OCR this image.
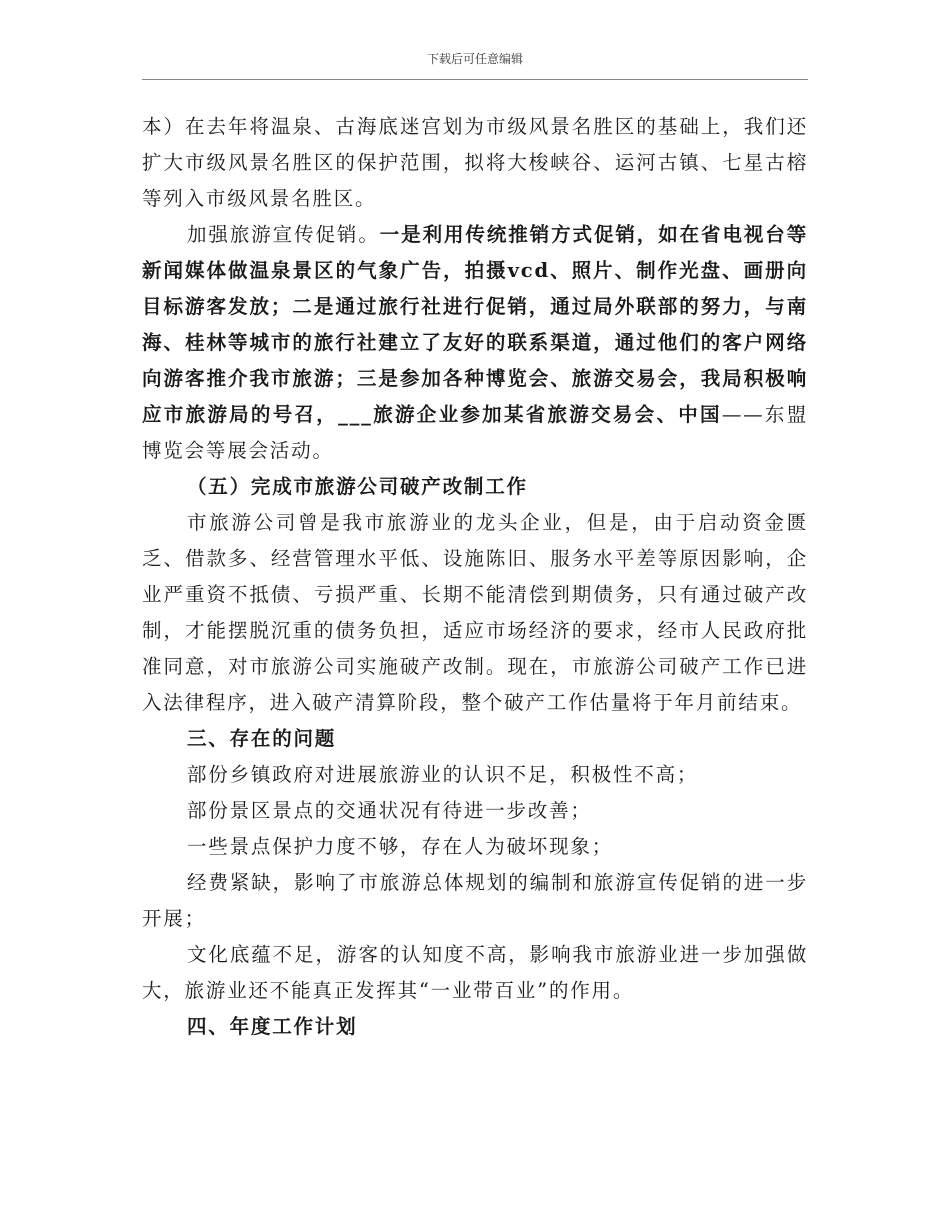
下载后可任意编辑

本）在去年将温泉、古海底迷宫划为市级风景名胜区的基础上，我们还扩大市级风景名胜区的保护范围，拟将大梭峡谷、运河古镇、七星古榕等列入市级风景名胜区。

加强旅游宣传促销。一是利用传统推销方式促销，如在省电视台等新闻媒体做温泉景区的气象广告，拍摄vcd、照片、制作光盘、画册向目标游客发放；二是通过旅行社进行促销，通过局外联部的努力，与南海、桂林等城市的旅行社建立了友好的联系渠道，通过他们的客户网络向游客推介我市旅游；三是参加各种博览会、旅游交易会，我局积极响应市旅游局的号召，___旅游企业参加某省旅游交易会、中国——东盟博览会等展会活动。

（五）完成市旅游公司破产改制工作

市旅游公司曾是我市旅游业的龙头企业，但是，由于启动资金匮乏、借款多、经营管理水平低、设施陈旧、服务水平差等原因影响，企业严重资不抵债、亏损严重、长期不能清偿到期债务，只有通过破产改制，才能摆脱沉重的债务负担，适应市场经济的要求，经市人民政府批准同意，对市旅游公司实施破产改制。现在，市旅游公司破产工作已进入法律程序，进入破产清算阶段，整个破产工作估量将于年月前结束。

三、存在的问题

部份乡镇政府对进展旅游业的认识不足，积极性不高；

部份景区景点的交通状况有待进一步改善；

一些景点保护力度不够，存在人为破坏现象；

经费紧缺，影响了市旅游总体规划的编制和旅游宣传促销的进一步开展；

文化底蕴不足，游客的认知度不高，影响我市旅游业进一步加强做大，旅游业还不能真正发挥其“一业带百业”的作用。

四、年度工作计划
